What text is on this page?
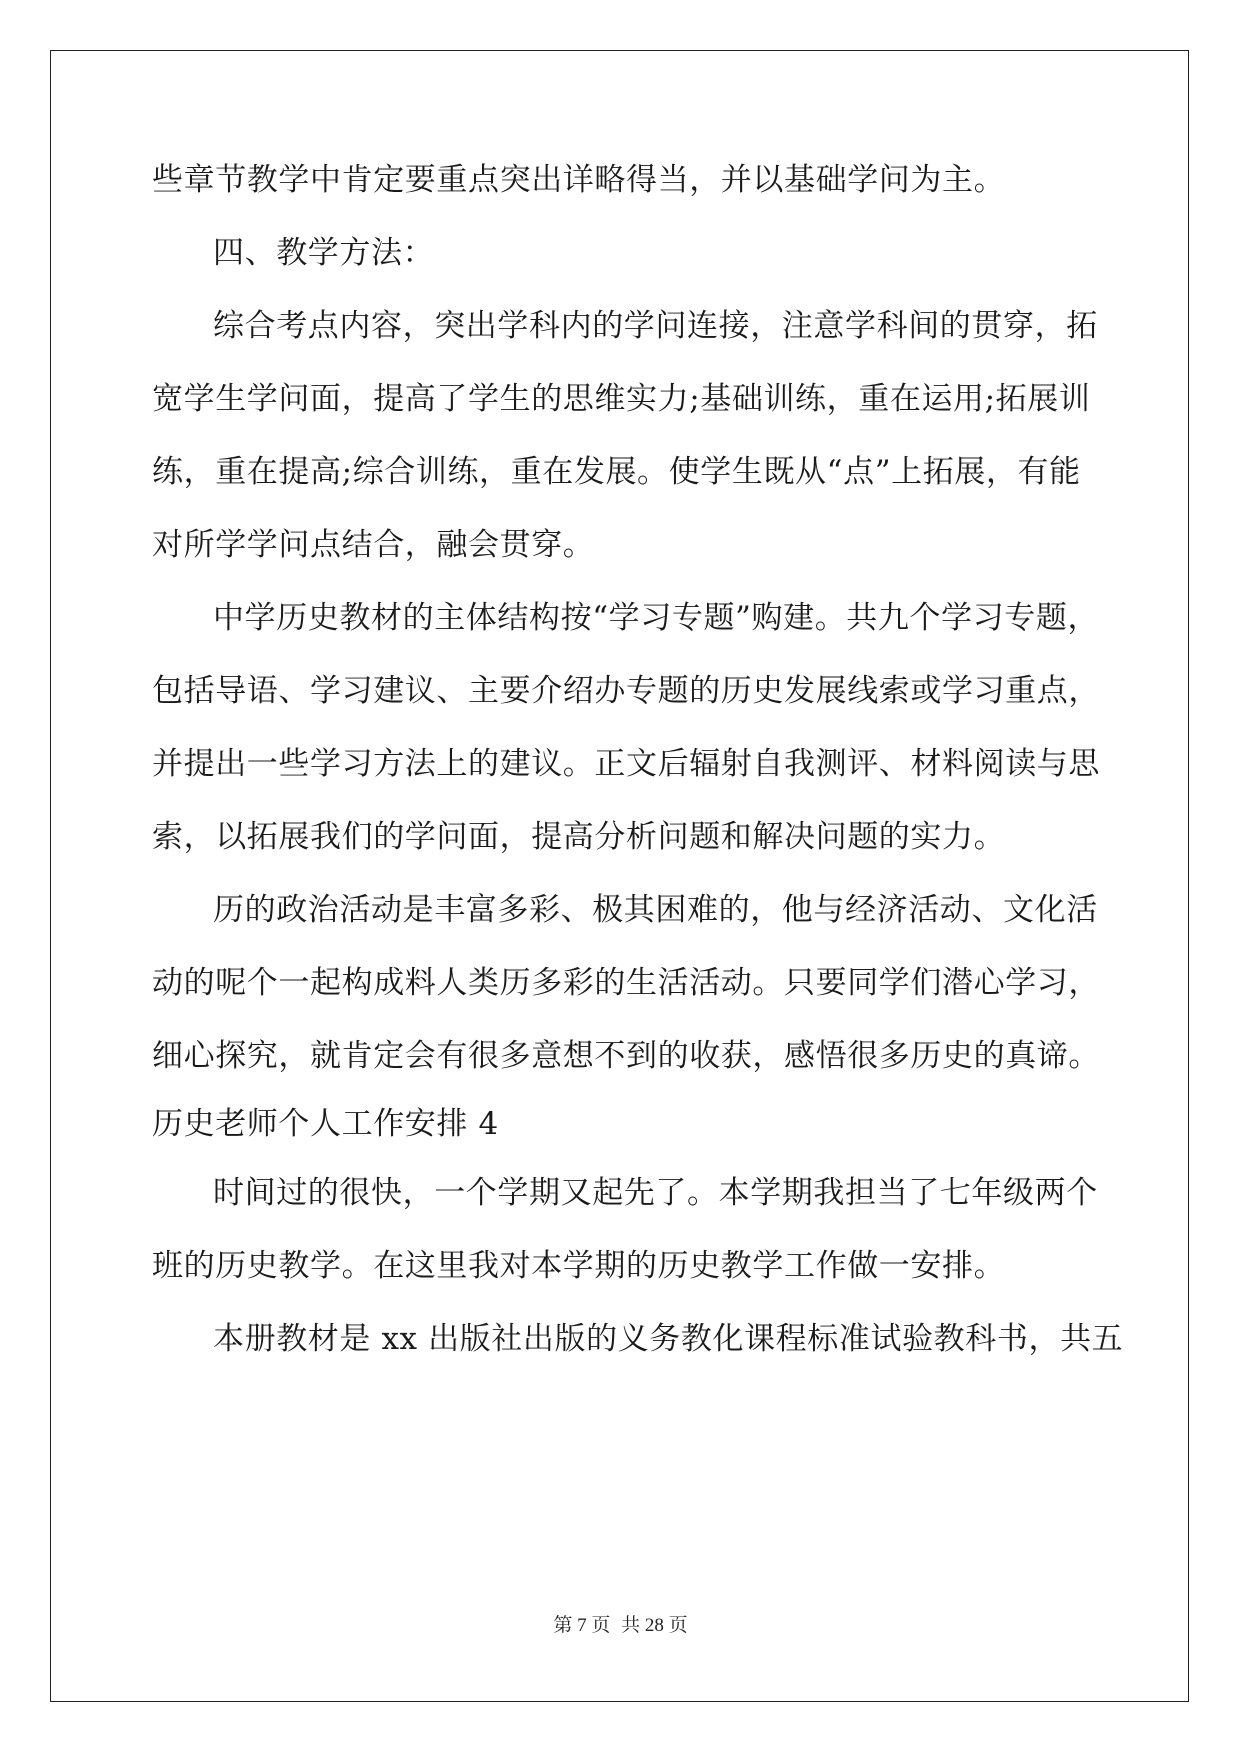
些章节教学中肯定要重点突出详略得当，并以基础学问为主。
四、教学方法：
综合考点内容，突出学科内的学问连接，注意学科间的贯穿，拓
宽学生学问面，提高了学生的思维实力;基础训练，重在运用;拓展训
练，重在提高;综合训练，重在发展。使学生既从“点”上拓展，有能
对所学学问点结合，融会贯穿。
中学历史教材的主体结构按“学习专题”购建。共九个学习专题，
包括导语、学习建议、主要介绍办专题的历史发展线索或学习重点，
并提出一些学习方法上的建议。正文后辐射自我测评、材料阅读与思
索，以拓展我们的学问面，提高分析问题和解决问题的实力。
历的政治活动是丰富多彩、极其困难的，他与经济活动、文化活
动的呢个一起构成料人类历多彩的生活活动。只要同学们潜心学习，
细心探究，就肯定会有很多意想不到的收获，感悟很多历史的真谛。
历史老师个人工作安排 4
时间过的很快，一个学期又起先了。本学期我担当了七年级两个
班的历史教学。在这里我对本学期的历史教学工作做一安排。
本册教材是 xx 出版社出版的义务教化课程标准试验教科书，共五
第 7 页 共 28 页
